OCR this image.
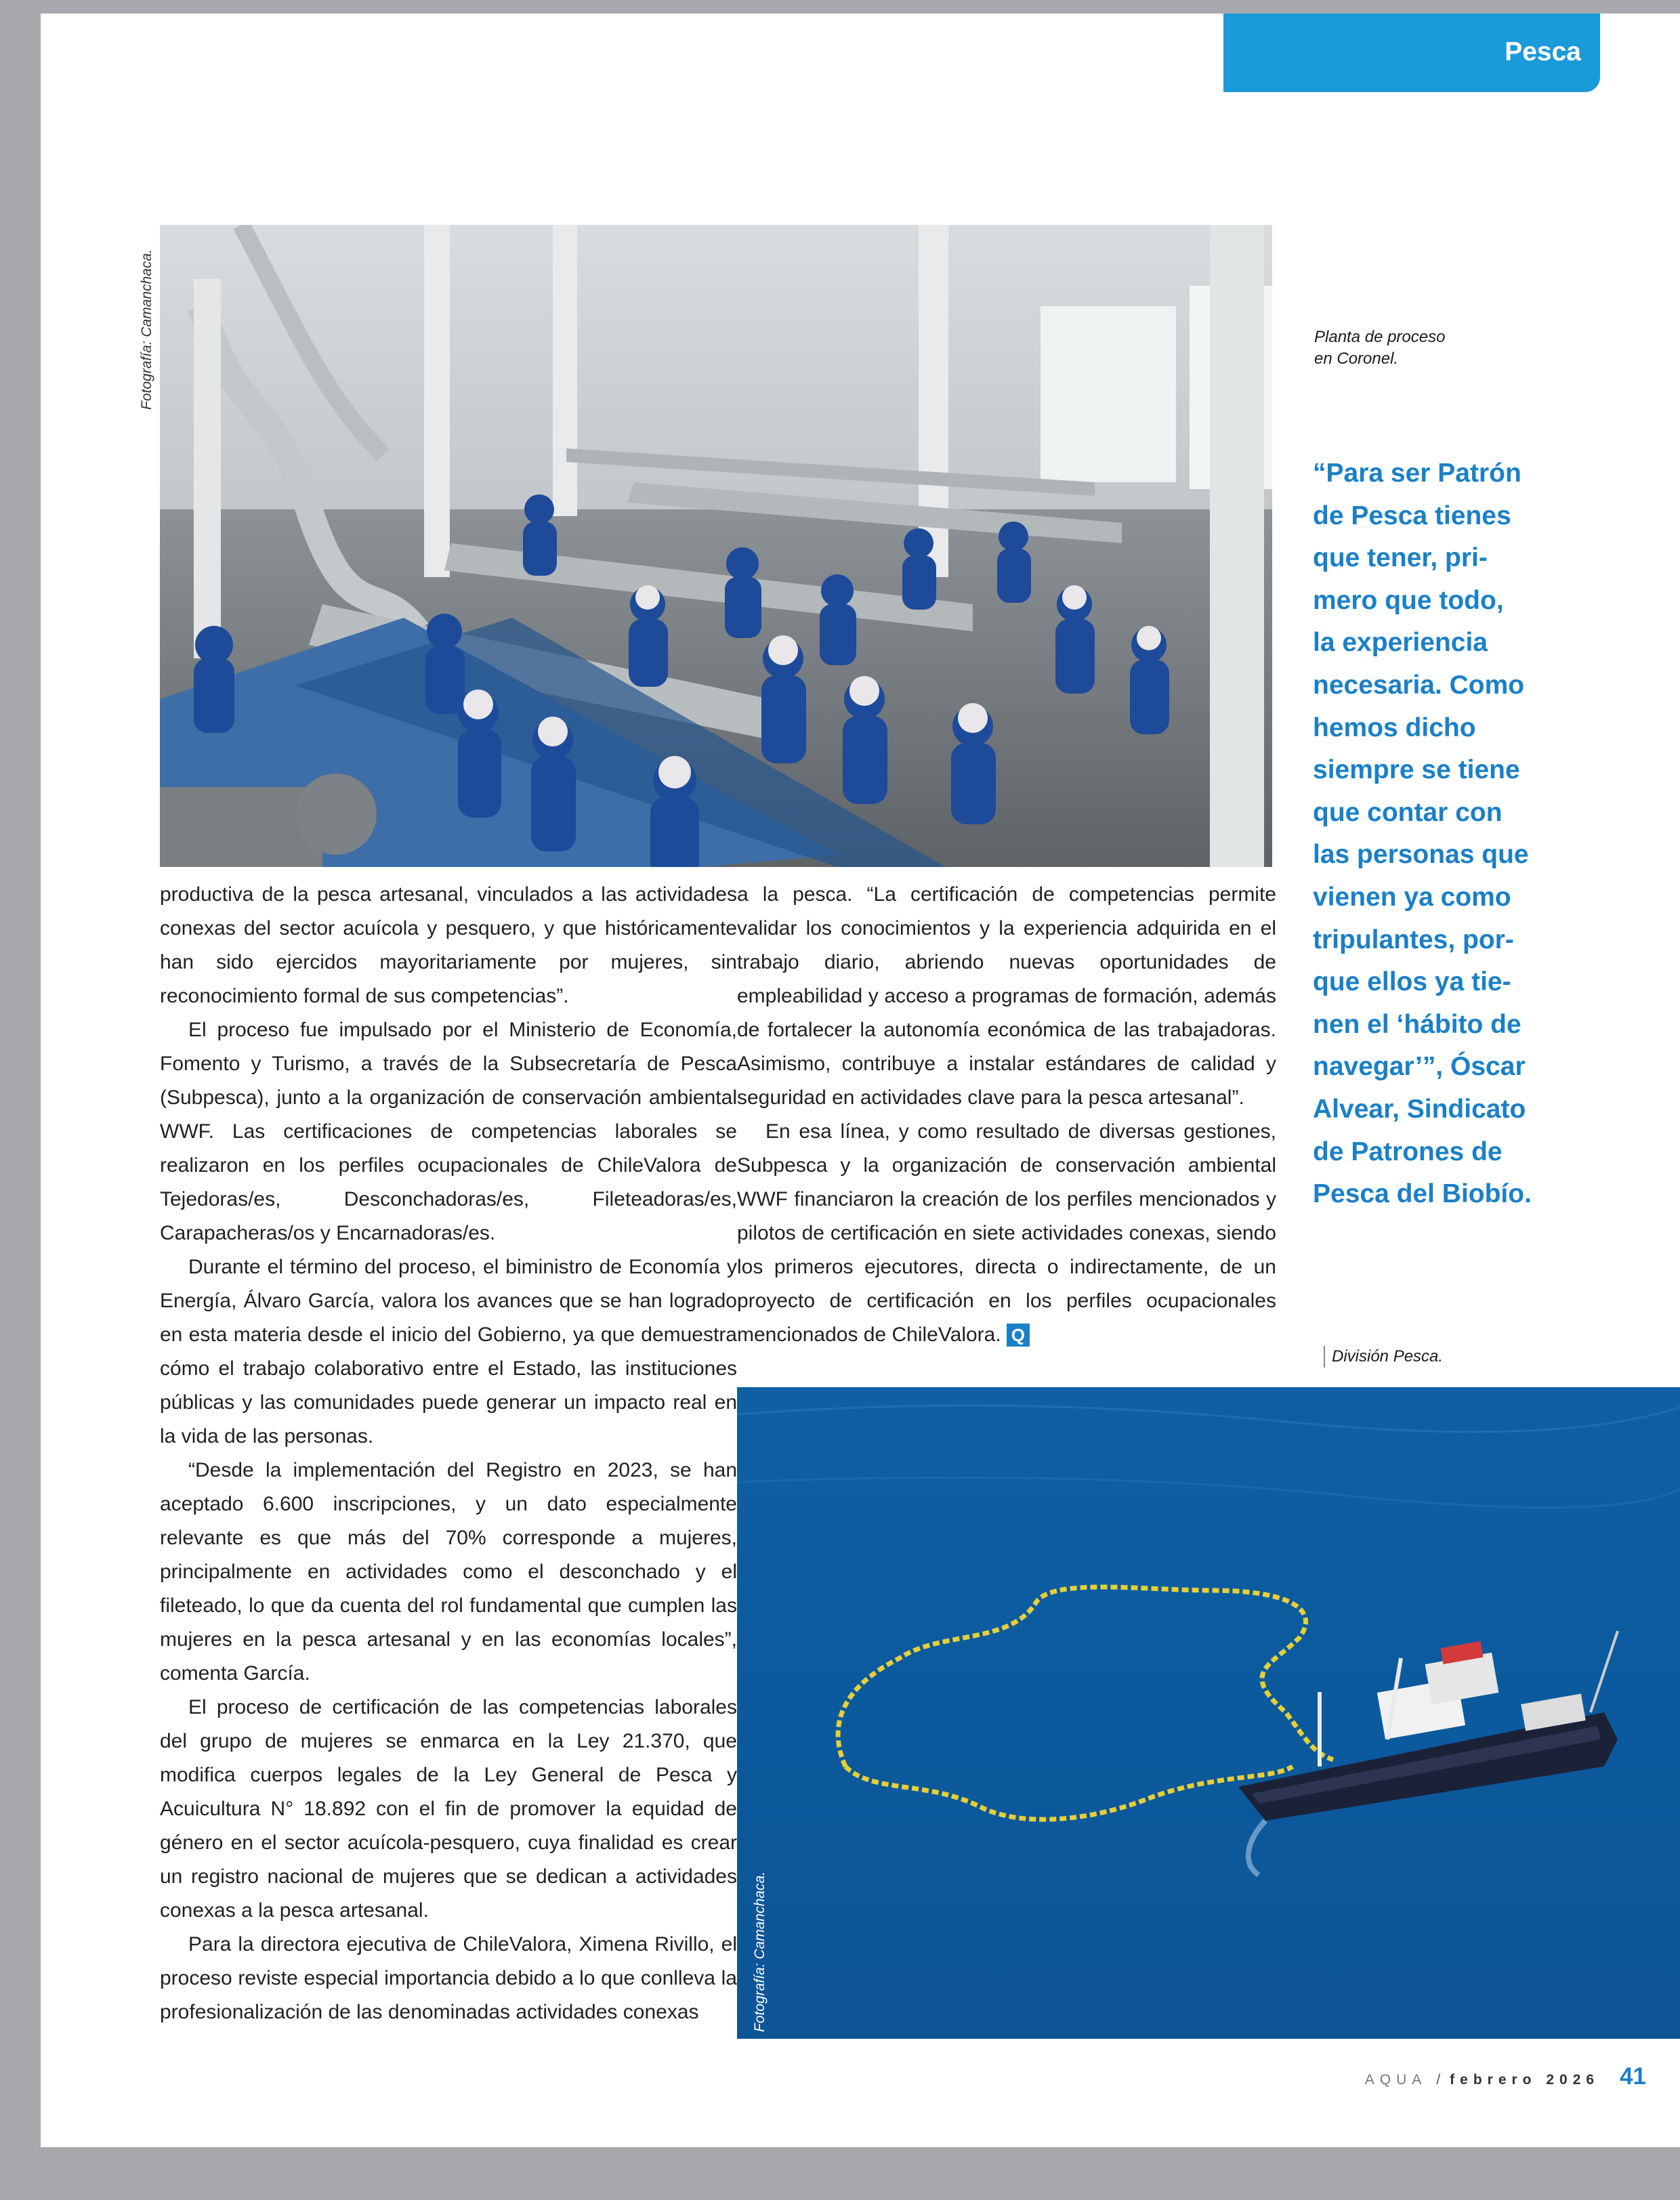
Pesca
Fotografía: Camanchaca.	Planta de proceso
en Coronel.
“Para ser Patrón
de Pesca tienes
que tener, pri-
mero que todo,
la experiencia
necesaria. Como
hemos dicho
siempre se tiene
que contar con
las personas que
vienen ya como
tripulantes, por-
que ellos ya tie-
nen el ‘hábito de
navegar’”, Óscar
Alvear, Sindicato
de Patrones de
Pesca del Biobío.

productiva de la pesca artesanal, vinculados a las actividades conexas del sector acuícola y pesquero, y que históricamente han sido ejercidos mayoritariamente por mujeres, sin reconocimiento formal de sus competencias”.

El proceso fue impulsado por el Ministerio de Economía, Fomento y Turismo, a través de la Subsecretaría de Pesca (Subpesca), junto a la organización de conservación ambiental WWF. Las certificaciones de competencias laborales se realizaron en los perfiles ocupacionales de ChileValora de Tejedoras/es, Desconchadoras/es, Fileteadoras/es, Carapacheras/os y Encarnadoras/es.

Durante el término del proceso, el biministro de Economía y Energía, Álvaro García, valora los avances que se han logrado en esta materia desde el inicio del Gobierno, ya que demuestra cómo el trabajo colaborativo entre el Estado, las instituciones públicas y las comunidades puede generar un impacto real en la vida de las personas.

“Desde la implementación del Registro en 2023, se han aceptado 6.600 inscripciones, y un dato especialmente relevante es que más del 70% corresponde a mujeres, principalmente en actividades como el desconchado y el fileteado, lo que da cuenta del rol fundamental que cumplen las mujeres en la pesca artesanal y en las economías locales”, comenta García.

El proceso de certificación de las competencias laborales del grupo de mujeres se enmarca en la Ley 21.370, que modifica cuerpos legales de la Ley General de Pesca y Acuicultura N° 18.892 con el fin de promover la equidad de género en el sector acuícola-pesquero, cuya finalidad es crear un registro nacional de mujeres que se dedican a actividades conexas a la pesca artesanal.

Para la directora ejecutiva de ChileValora, Ximena Rivillo, el proceso reviste especial importancia debido a lo que conlleva la profesionalización de las denominadas actividades conexas

a la pesca. “La certificación de competencias permite validar los conocimientos y la experiencia adquirida en el trabajo diario, abriendo nuevas oportunidades de empleabilidad y acceso a programas de formación, además de fortalecer la autonomía económica de las trabajadoras. Asimismo, contribuye a instalar estándares de calidad y seguridad en actividades clave para la pesca artesanal”.

En esa línea, y como resultado de diversas gestiones, Subpesca y la organización de conservación ambiental WWF financiaron la creación de los perfiles mencionados y pilotos de certificación en siete actividades conexas, siendo los primeros ejecutores, directa o indirectamente, de un proyecto de certificación en los perfiles ocupacionales mencionados de ChileValora. Q

División Pesca.
Fotografía: Camanchaca.
AQUA / febrero 2026 41
